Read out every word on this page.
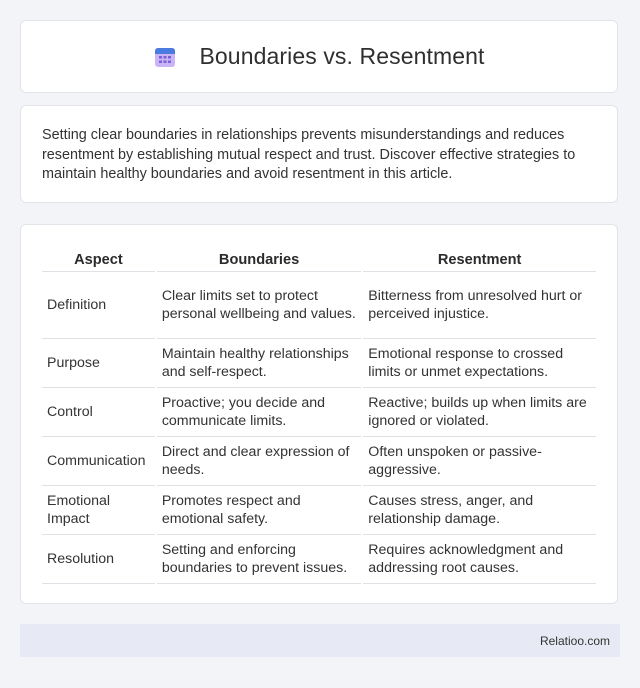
Boundaries vs. Resentment

Setting clear boundaries in relationships prevents misunderstandings and reduces resentment by establishing mutual respect and trust. Discover effective strategies to maintain healthy boundaries and avoid resentment in this article.

Aspect	Boundaries	Resentment
Definition	Clear limits set to protect personal wellbeing and values.	Bitterness from unresolved hurt or perceived injustice.
Purpose	Maintain healthy relationships and self-respect.	Emotional response to crossed limits or unmet expectations.
Control	Proactive; you decide and communicate limits.	Reactive; builds up when limits are ignored or violated.
Communication	Direct and clear expression of needs.	Often unspoken or passive-aggressive.
Emotional Impact	Promotes respect and emotional safety.	Causes stress, anger, and relationship damage.
Resolution	Setting and enforcing boundaries to prevent issues.	Requires acknowledgment and addressing root causes.
Relatioo.com
